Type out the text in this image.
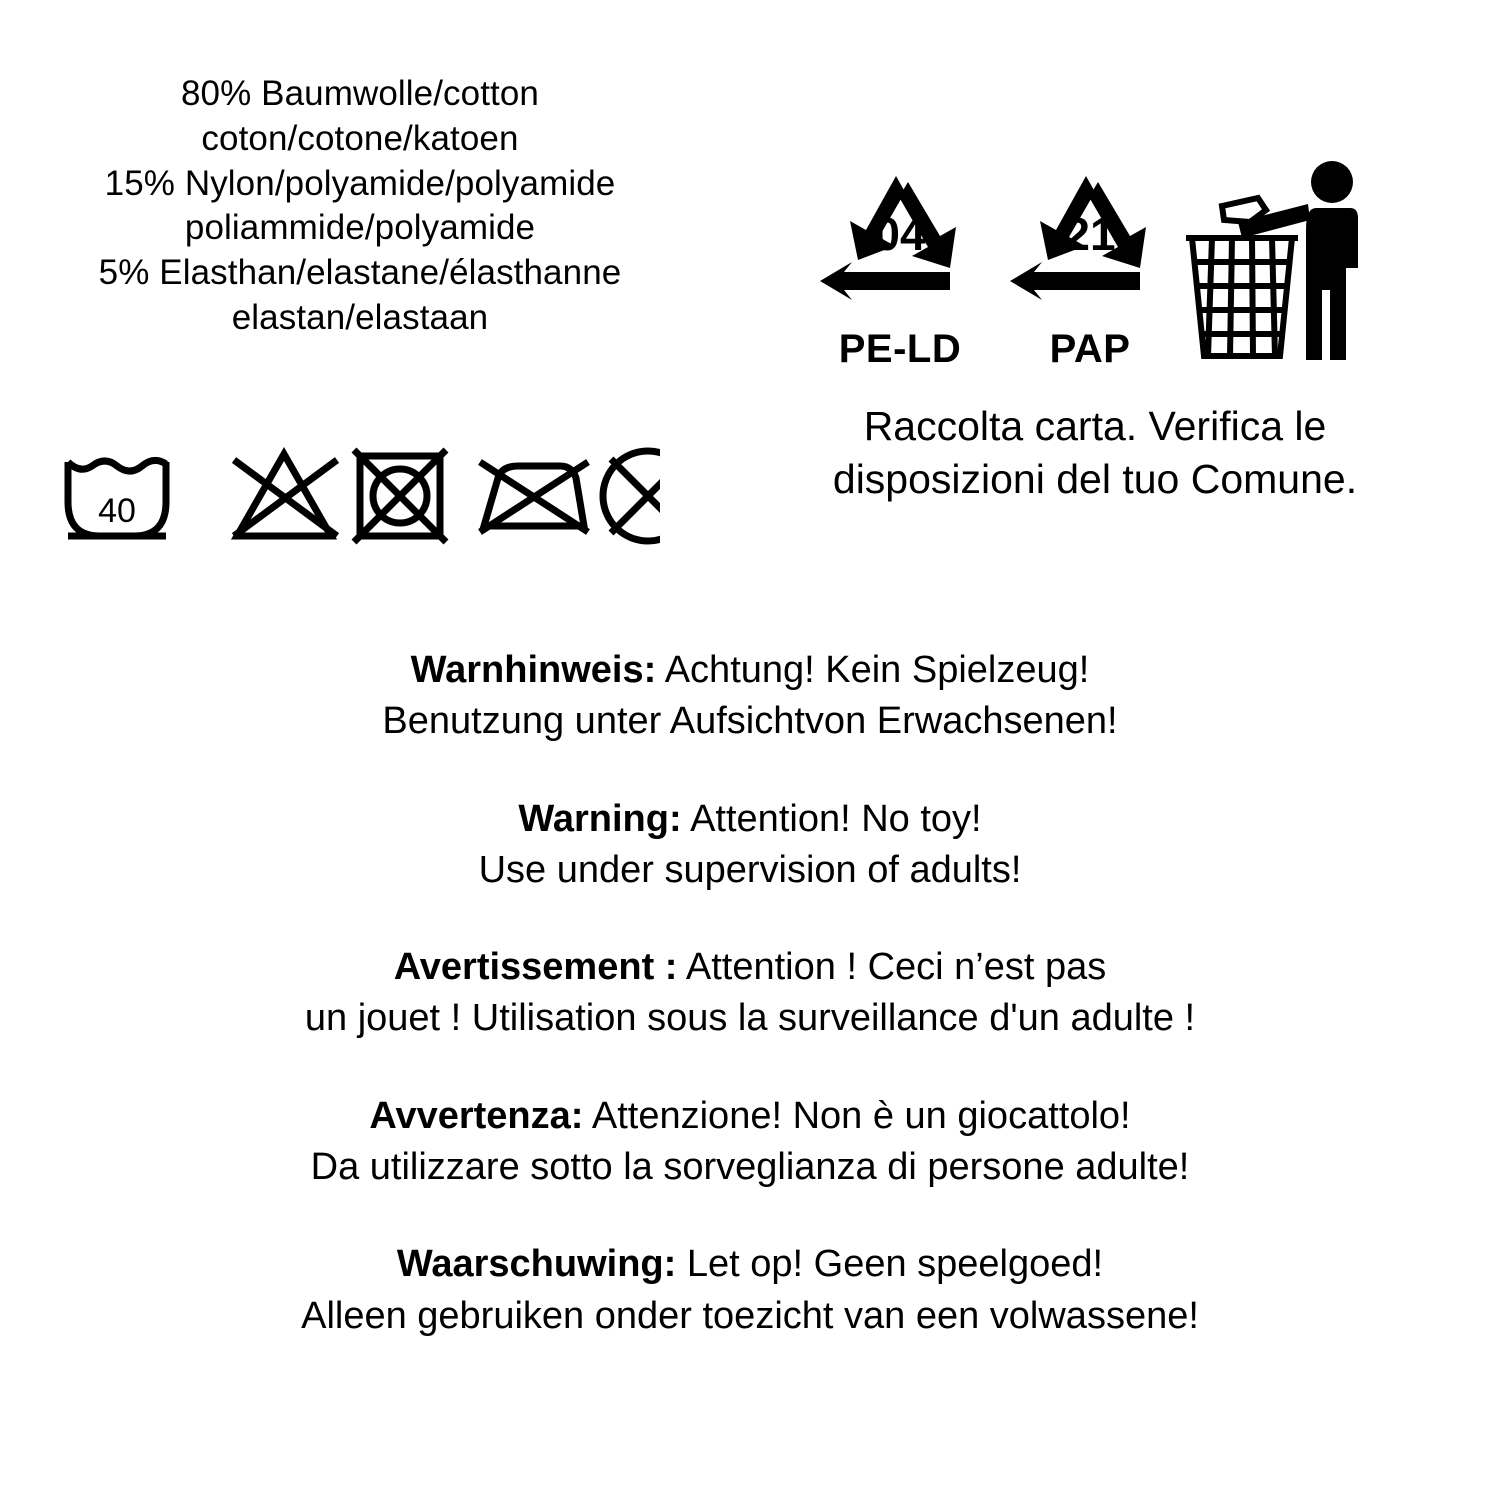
80% Baumwolle/cotton
coton/cotone/katoen
15% Nylon/polyamide/polyamide
poliammide/polyamide
5% Elasthan/elastane/élasthanne
elastan/elastaan
40
04
PE-LD
21
PAP
Raccolta carta. Verifica le
disposizioni del tuo Comune.
Warnhinweis: Achtung! Kein Spielzeug!
Benutzung unter Aufsichtvon Erwachsenen!
Warning: Attention! No toy!
Use under supervision of adults!
Avertissement : Attention ! Ceci n’est pas
un jouet ! Utilisation sous la surveillance d'un adulte !
Avvertenza: Attenzione! Non è un giocattolo!
Da utilizzare sotto la sorveglianza di persone adulte!
Waarschuwing: Let op! Geen speelgoed!
Alleen gebruiken onder toezicht van een volwassene!
